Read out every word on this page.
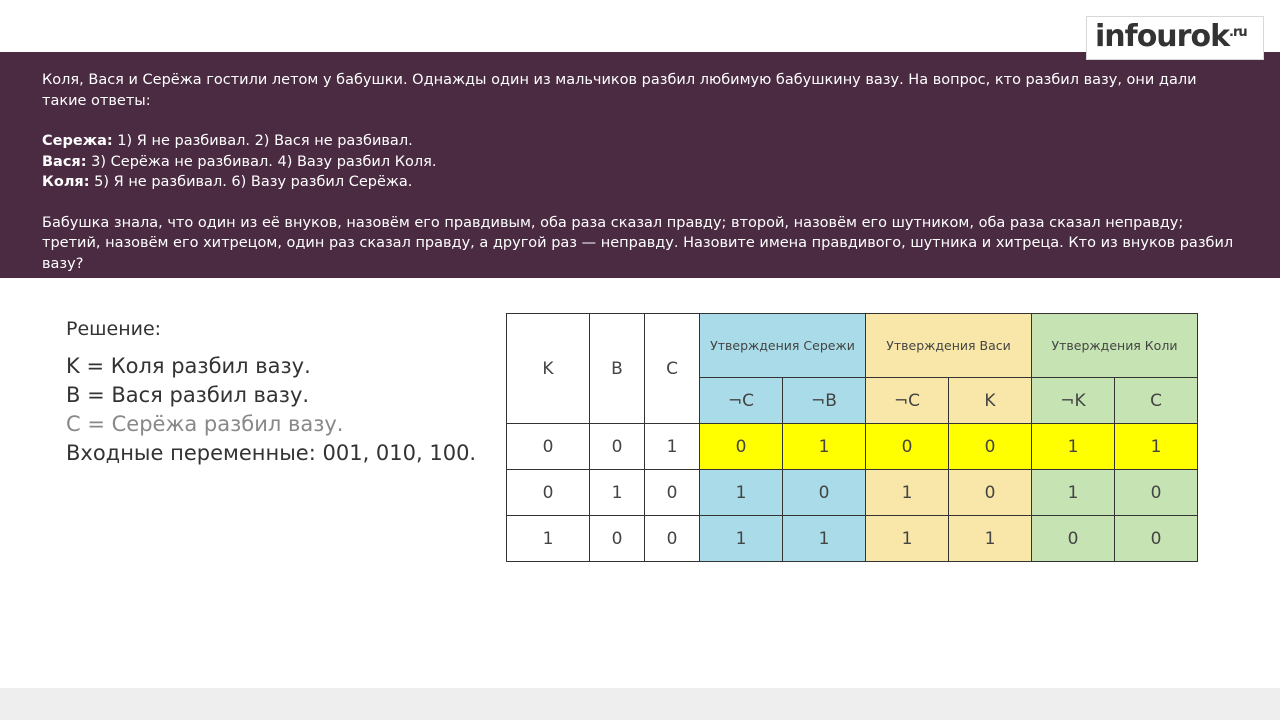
infourok$^{.ru}$

Коля, Вася и Серёжа гостили летом у бабушки. Однажды один из мальчиков разбил любимую бабушкину вазу. На вопрос, кто разбил вазу, они дали такие ответы:

Сережа: 1) Я не разбивал. 2) Вася не разбивал.

Вася: 3) Серёжа не разбивал. 4) Вазу разбил Коля.

Коля: 5) Я не разбивал. 6) Вазу разбил Серёжа.

Бабушка знала, что один из её внуков, назовём его правдивым, оба раза сказал правду; второй, назовём его шутником, оба раза сказал неправду; третий, назовём его хитрецом, один раз сказал правду, а другой раз — неправду. Назовите имена правдивого, шутника и хитреца. Кто из внуков разбил вазу?

Решение:
K = Коля разбил вазу.
B = Вася разбил вазу.
C = Серёжа разбил вазу.
Входные переменные: 001, 010, 100.
K	B	C	Утверждения Сережи		Утверждения Васи		Утверждения Коли	
			¬C	¬B	¬C	K	¬K	C
0	0	1	0	1	0	0	1	1
0	1	0	1	0	1	0	1	0
1	0	0	1	1	1	1	0	0
